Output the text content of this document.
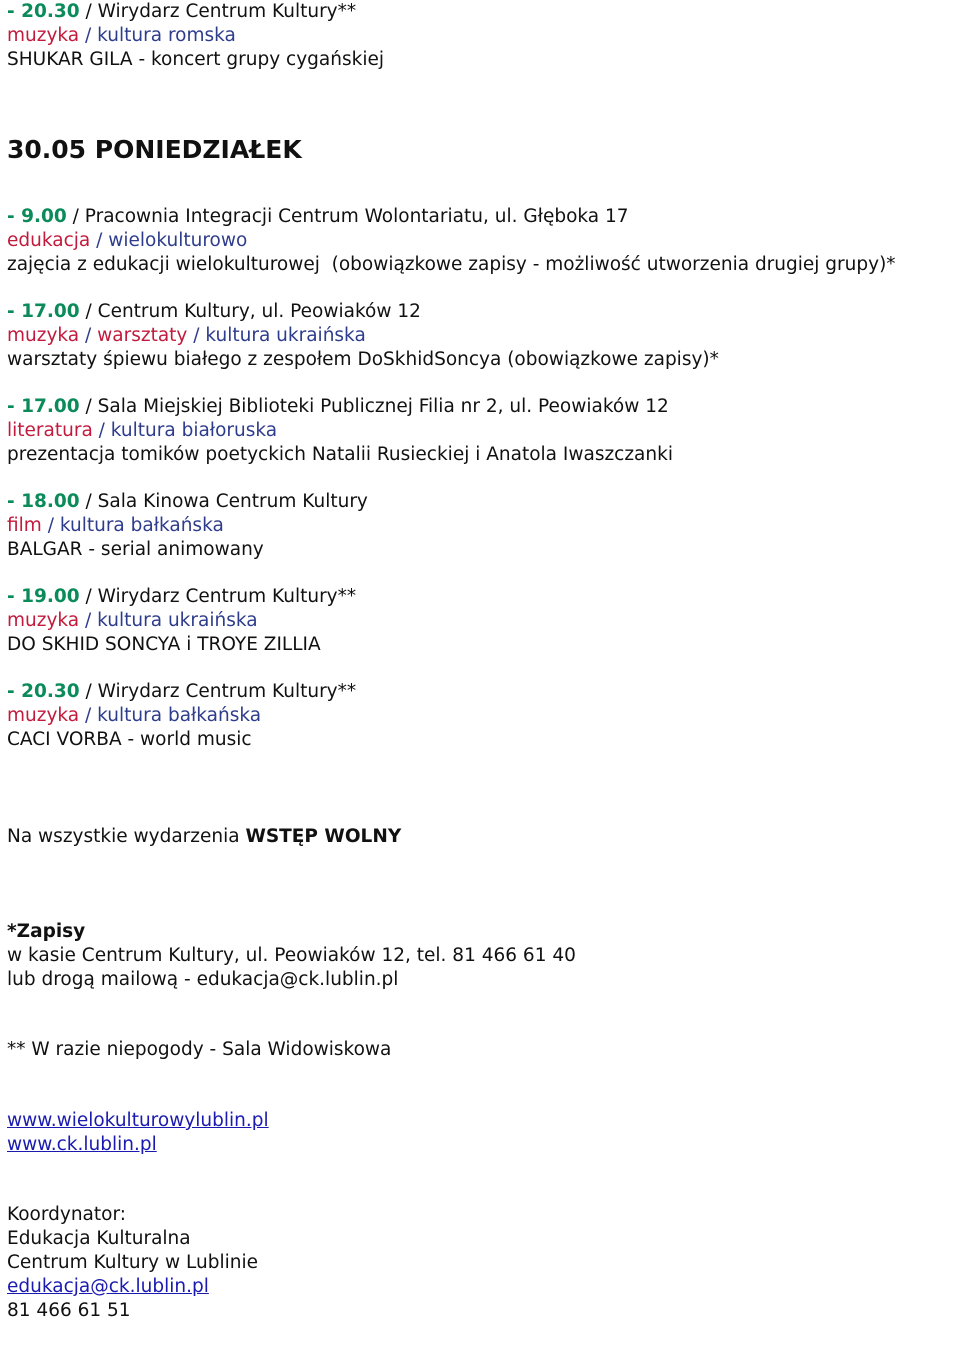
- 20.30 / Wirydarz Centrum Kultury**
muzyka / kultura romska
SHUKAR GILA - koncert grupy cygańskiej
30.05 PONIEDZIAŁEK
- 9.00 / Pracownia Integracji Centrum Wolontariatu, ul. Głęboka 17
edukacja / wielokulturowo
zajęcia z edukacji wielokulturowej  (obowiązkowe zapisy - możliwość utworzenia drugiej grupy)*
- 17.00 / Centrum Kultury, ul. Peowiaków 12
muzyka / warsztaty / kultura ukraińska
warsztaty śpiewu białego z zespołem DoSkhidSoncya (obowiązkowe zapisy)*
- 17.00 / Sala Miejskiej Biblioteki Publicznej Filia nr 2, ul. Peowiaków 12
literatura / kultura białoruska
prezentacja tomików poetyckich Natalii Rusieckiej i Anatola Iwaszczanki
- 18.00 / Sala Kinowa Centrum Kultury
film / kultura bałkańska
BALGAR - serial animowany
- 19.00 / Wirydarz Centrum Kultury**
muzyka / kultura ukraińska
DO SKHID SONCYA i TROYE ZILLIA
- 20.30 / Wirydarz Centrum Kultury**
muzyka / kultura bałkańska
CACI VORBA - world music
Na wszystkie wydarzenia WSTĘP WOLNY
*Zapisy
w kasie Centrum Kultury, ul. Peowiaków 12, tel. 81 466 61 40
lub drogą mailową - edukacja@ck.lublin.pl
** W razie niepogody - Sala Widowiskowa
www.wielokulturowylublin.pl
www.ck.lublin.pl
Koordynator:
Edukacja Kulturalna
Centrum Kultury w Lublinie
edukacja@ck.lublin.pl
81 466 61 51
